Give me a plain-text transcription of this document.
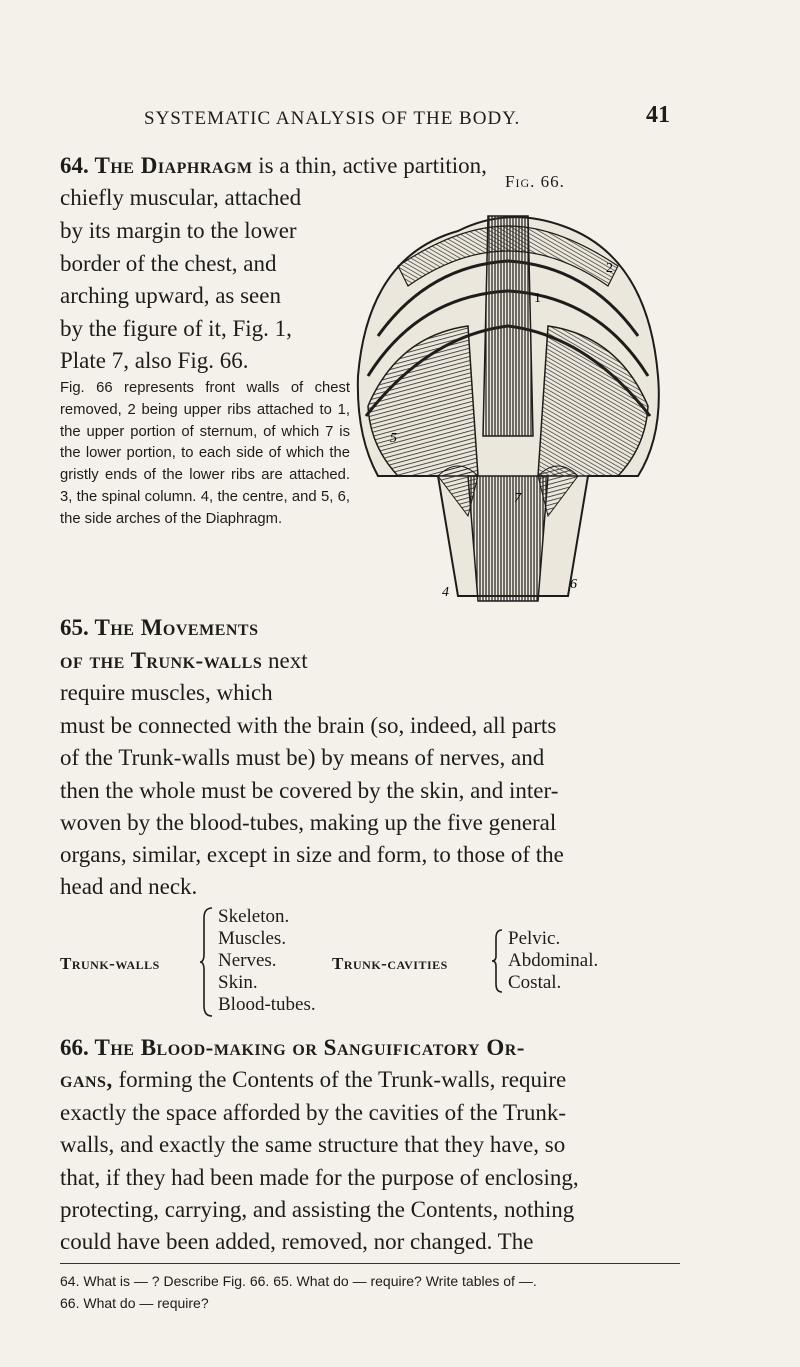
SYSTEMATIC ANALYSIS OF THE BODY.	41
64. The Diaphragm is a thin, active partition,
chiefly muscular, attached
by its margin to the lower
border of the chest, and
arching upward, as seen
by the figure of it, Fig. 1,
Plate 7, also Fig. 66.
Fig. 66 represents front walls of chest removed, 2 being upper ribs attached to 1, the upper portion of sternum, of which 7 is the lower portion, to each side of which the gristly ends of the lower ribs are attached. 3, the spinal column. 4, the centre, and 5, 6, the side arches of the Diaphragm.
Fig. 66.
2
1
7
4
6
5
65. The Movements
of the Trunk-walls next
require muscles, which
must be connected with the brain (so, indeed, all parts
of the Trunk-walls must be) by means of nerves, and
then the whole must be covered by the skin, and inter-
woven by the blood-tubes, making up the five general
organs, similar, except in size and form, to those of the
head and neck.
Trunk-walls
Skeleton.
Muscles.
Nerves.
Skin.
Blood-tubes.
Trunk-cavities
Pelvic.
Abdominal.
Costal.
66. The Blood-making or Sanguificatory Or-
gans, forming the Contents of the Trunk-walls, require
exactly the space afforded by the cavities of the Trunk-
walls, and exactly the same structure that they have, so
that, if they had been made for the purpose of enclosing,
protecting, carrying, and assisting the Contents, nothing
could have been added, removed, nor changed. The
64. What is — ? Describe Fig. 66. 65. What do — require? Write tables of —.
66. What do — require?
